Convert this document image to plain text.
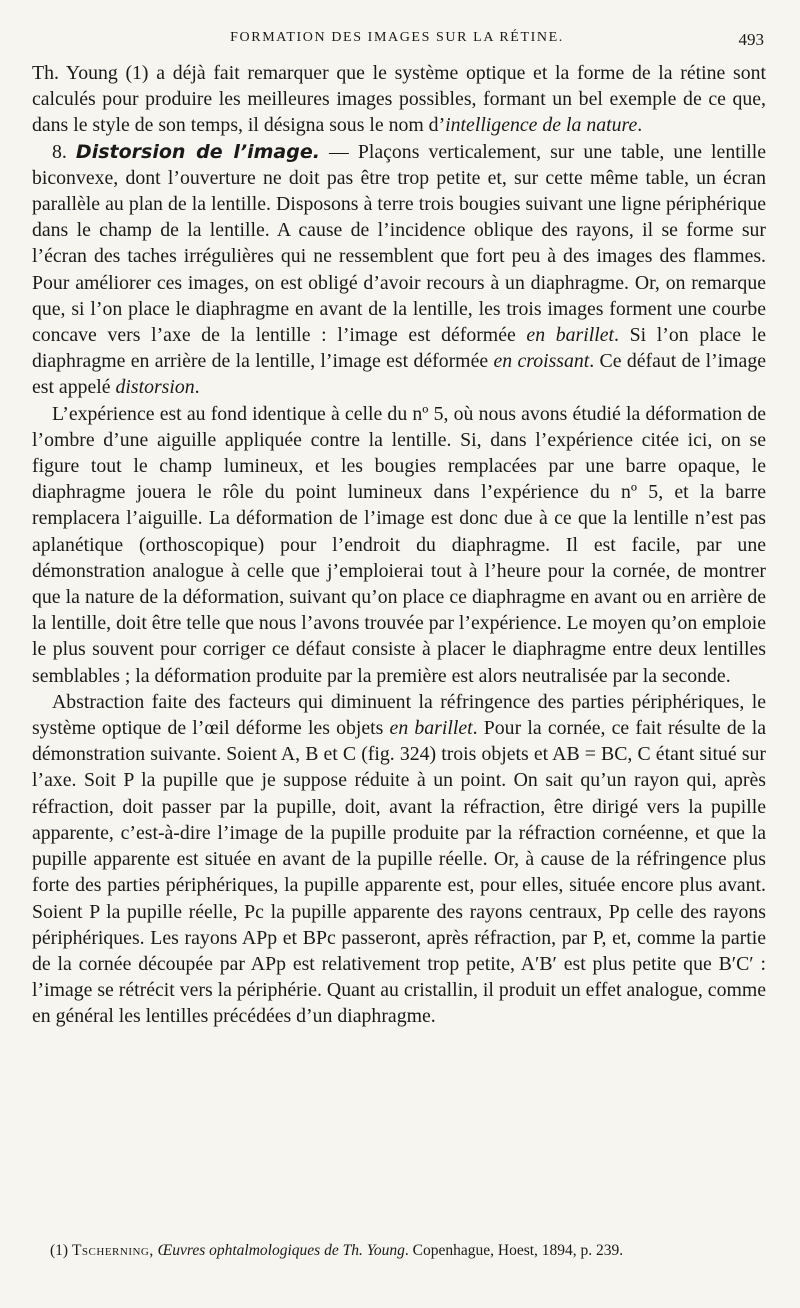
FORMATION DES IMAGES SUR LA RÉTINE.	493

Th. Young (1) a déjà fait remarquer que le système optique et la forme de la rétine sont calculés pour produire les meilleures images possibles, formant un bel exemple de ce que, dans le style de son temps, il désigna sous le nom d’intelligence de la nature.

8. Distorsion de l’image. — Plaçons verticalement, sur une table, une lentille biconvexe, dont l’ouverture ne doit pas être trop petite et, sur cette même table, un écran parallèle au plan de la lentille. Disposons à terre trois bougies suivant une ligne périphérique dans le champ de la lentille. A cause de l’incidence oblique des rayons, il se forme sur l’écran des taches irrégulières qui ne ressemblent que fort peu à des images des flammes. Pour améliorer ces images, on est obligé d’avoir recours à un diaphragme. Or, on remarque que, si l’on place le diaphragme en avant de la lentille, les trois images forment une courbe concave vers l’axe de la lentille : l’image est déformée en barillet. Si l’on place le diaphragme en arrière de la lentille, l’image est déformée en croissant. Ce défaut de l’image est appelé distorsion.

L’expérience est au fond identique à celle du nº 5, où nous avons étudié la déformation de l’ombre d’une aiguille appliquée contre la lentille. Si, dans l’expérience citée ici, on se figure tout le champ lumineux, et les bougies remplacées par une barre opaque, le diaphragme jouera le rôle du point lumineux dans l’expérience du nº 5, et la barre remplacera l’aiguille. La déformation de l’image est donc due à ce que la lentille n’est pas aplanétique (orthoscopique) pour l’endroit du diaphragme. Il est facile, par une démonstration analogue à celle que j’emploierai tout à l’heure pour la cornée, de montrer que la nature de la déformation, suivant qu’on place ce diaphragme en avant ou en arrière de la lentille, doit être telle que nous l’avons trouvée par l’expérience. Le moyen qu’on emploie le plus souvent pour corriger ce défaut consiste à placer le diaphragme entre deux lentilles semblables ; la déformation produite par la première est alors neutralisée par la seconde.

Abstraction faite des facteurs qui diminuent la réfringence des parties périphériques, le système optique de l’œil déforme les objets en barillet. Pour la cornée, ce fait résulte de la démonstration suivante. Soient A, B et C (fig. 324) trois objets et AB = BC, C étant situé sur l’axe. Soit P la pupille que je suppose réduite à un point. On sait qu’un rayon qui, après réfraction, doit passer par la pupille, doit, avant la réfraction, être dirigé vers la pupille apparente, c’est-à-dire l’image de la pupille produite par la réfraction cornéenne, et que la pupille apparente est située en avant de la pupille réelle. Or, à cause de la réfringence plus forte des parties périphériques, la pupille apparente est, pour elles, située encore plus avant. Soient P la pupille réelle, Pc la pupille apparente des rayons centraux, Pp celle des rayons périphériques. Les rayons APp et BPc passeront, après réfraction, par P, et, comme la partie de la cornée découpée par APp est relativement trop petite, A′B′ est plus petite que B′C′ : l’image se rétrécit vers la périphérie. Quant au cristallin, il produit un effet analogue, comme en général les lentilles précédées d’un diaphragme.

(1) Tscherning, Œuvres ophtalmologiques de Th. Young. Copenhague, Hoest, 1894, p. 239.
